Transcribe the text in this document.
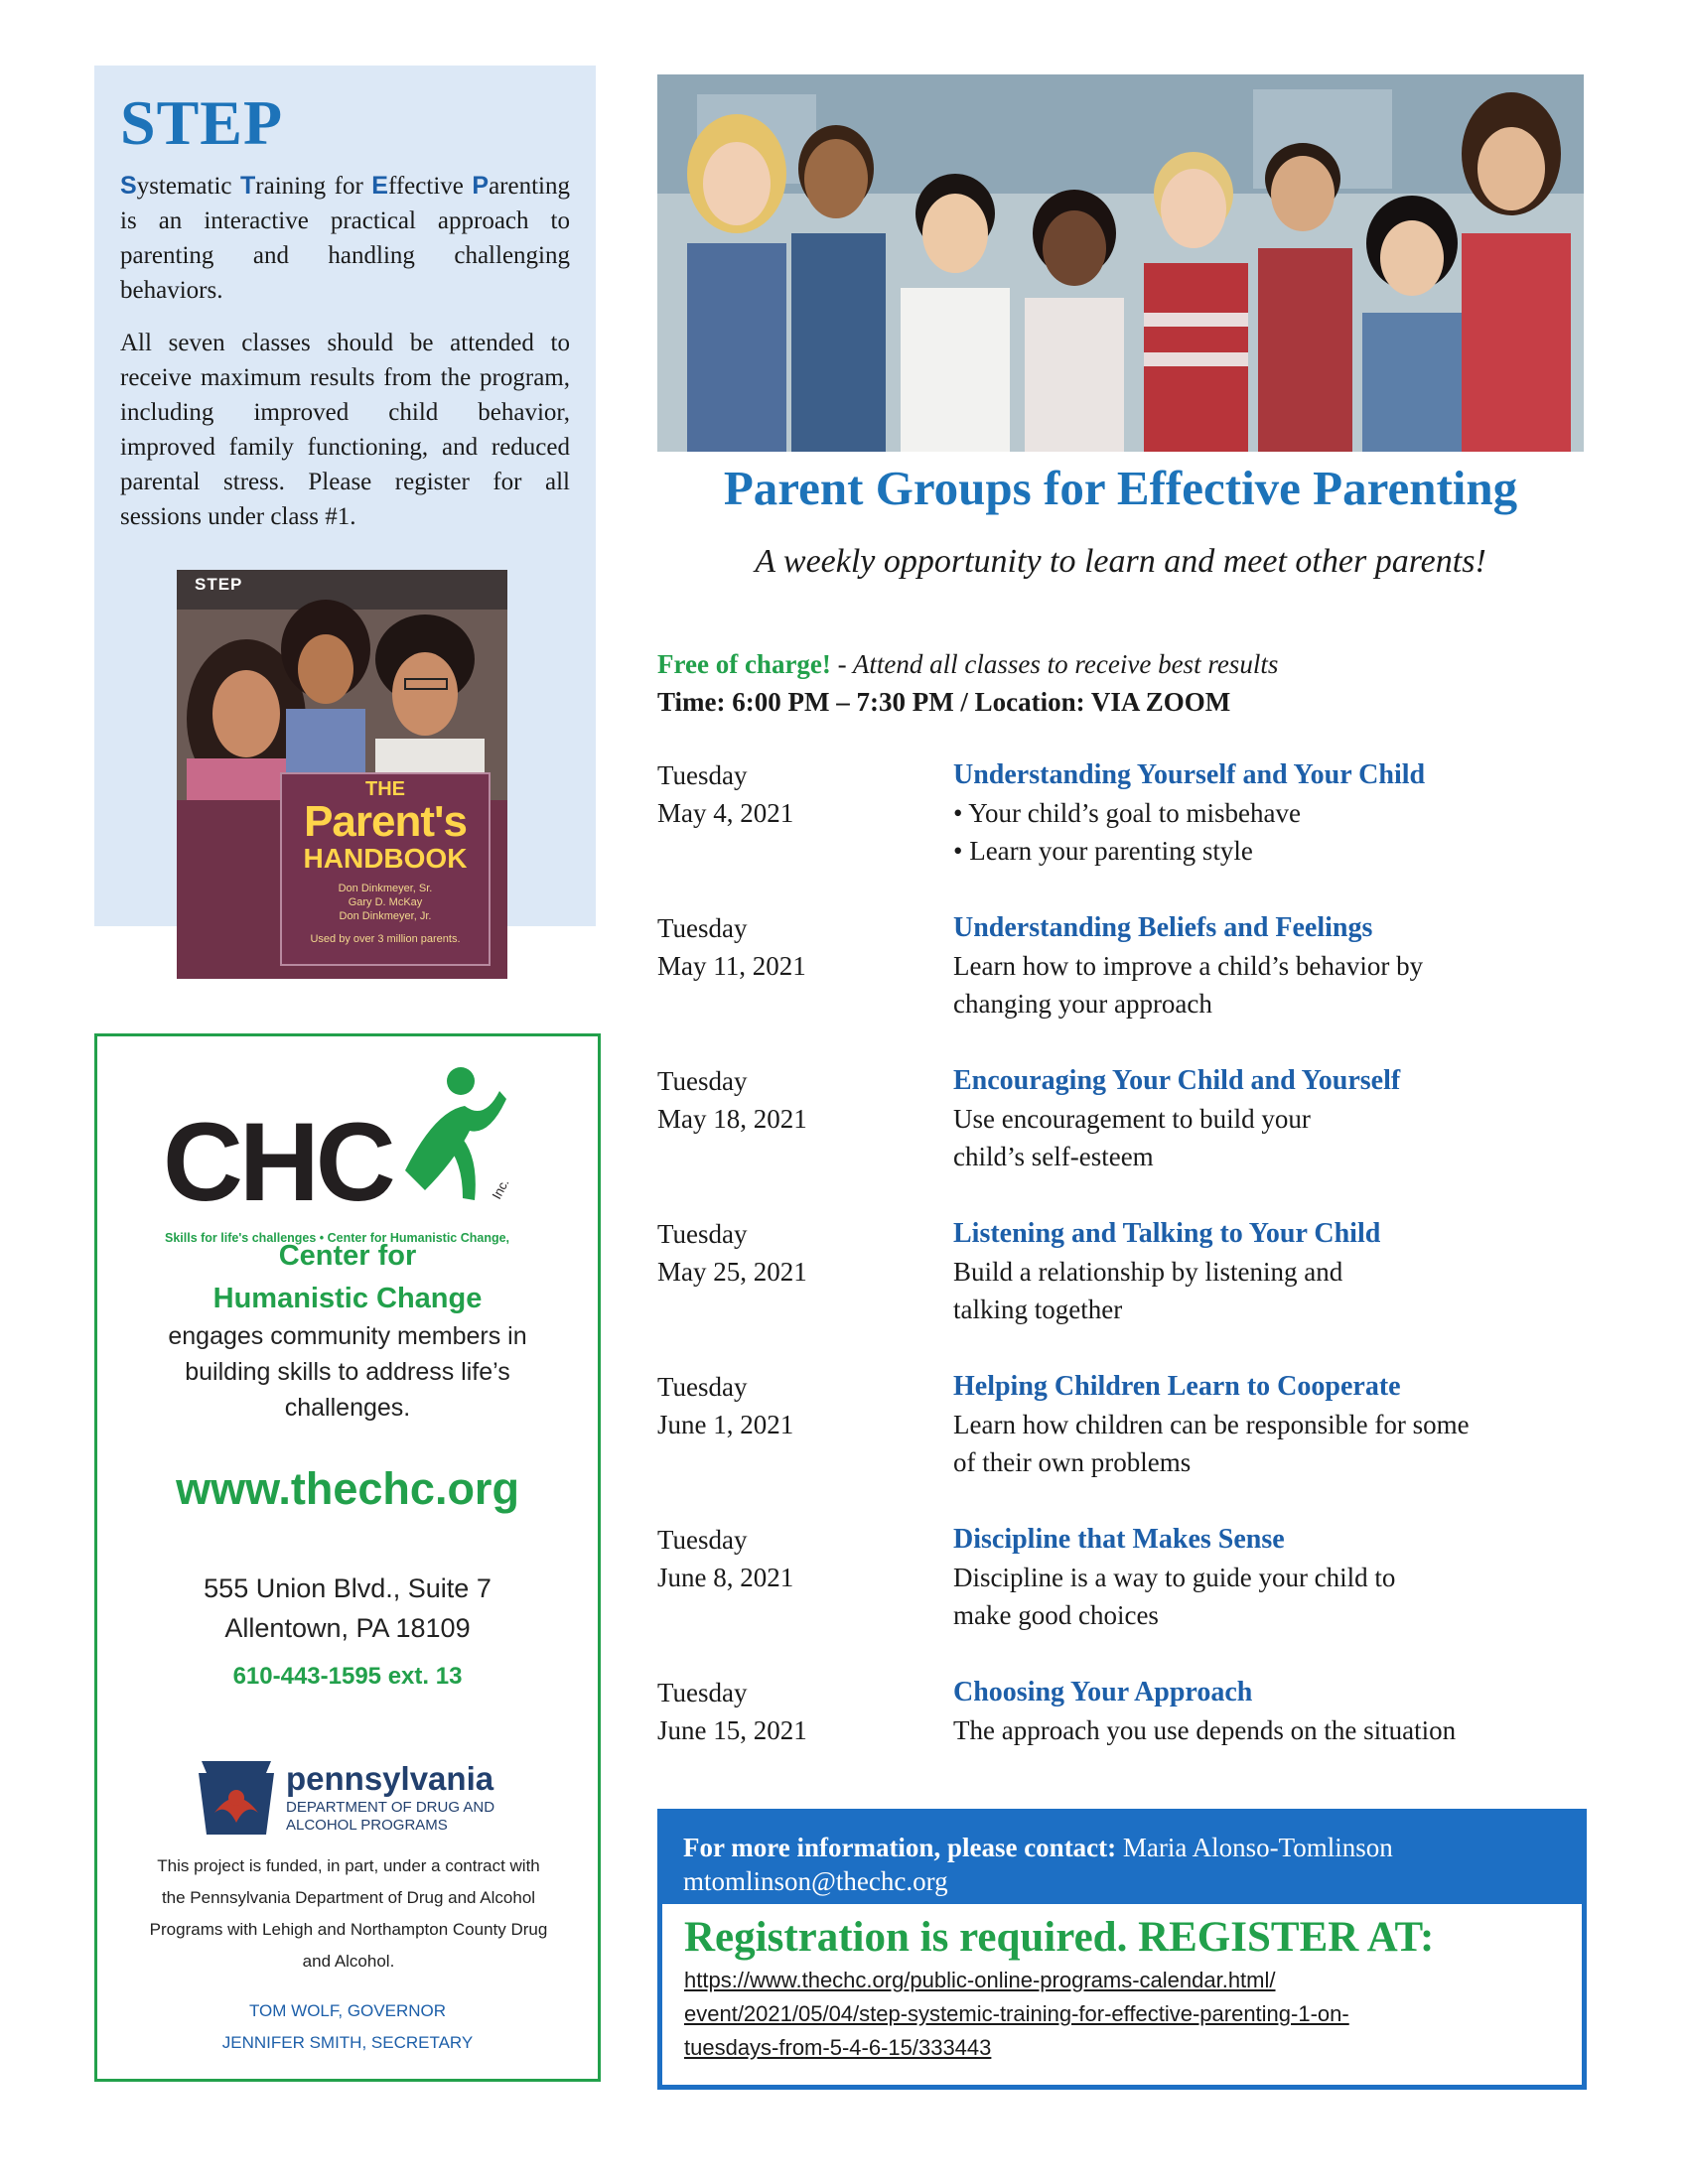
STEP

Systematic Training for Effective Parenting is an interactive practical approach to parenting and handling challenging behaviors.

All seven classes should be attended to receive maximum results from the program, including improved child behavior, improved family functioning, and reduced parental stress. Please register for all sessions under class #1.

STEP
THE
Parent's
HANDBOOK
Don Dinkmeyer, Sr.
Gary D. McKay
Don Dinkmeyer, Jr.
Used by over 3 million parents.
CHC	Inc.
Skills for life's challenges • Center for Humanistic Change,
Center for
Humanistic Change
engages community members in building skills to address life’s challenges.
www.thechc.org
555 Union Blvd., Suite 7
Allentown, PA 18109
610-443-1595 ext. 13
pennsylvania
DEPARTMENT OF DRUG AND ALCOHOL PROGRAMS
This project is funded, in part, under a contract with the Pennsylvania Department of Drug and Alcohol Programs with Lehigh and Northampton County Drug and Alcohol.
TOM WOLF, GOVERNOR
JENNIFER SMITH, SECRETARY
Parent Groups for Effective Parenting
A weekly opportunity to learn and meet other parents!
Free of charge! - Attend all classes to receive best results
Time: 6:00 PM – 7:30 PM / Location: VIA ZOOM
Tuesday
May 4, 2021
Understanding Yourself and Your Child
• Your child’s goal to misbehave
• Learn your parenting style
Tuesday
May 11, 2021
Understanding Beliefs and Feelings
Learn how to improve a child’s behavior by
changing your approach
Tuesday
May 18, 2021
Encouraging Your Child and Yourself
Use encouragement to build your
child’s self-esteem
Tuesday
May 25, 2021
Listening and Talking to Your Child
Build a relationship by listening and
talking together
Tuesday
June 1, 2021
Helping Children Learn to Cooperate
Learn how children can be responsible for some
of their own problems
Tuesday
June 8, 2021
Discipline that Makes Sense
Discipline is a way to guide your child to
make good choices
Tuesday
June 15, 2021
Choosing Your Approach
The approach you use depends on the situation
For more information, please contact: Maria Alonso-Tomlinson
mtomlinson@thechc.org
Registration is required. REGISTER AT:
https://www.thechc.org/public-online-programs-calendar.html/
event/2021/05/04/step-systemic-training-for-effective-parenting-1-on-
tuesdays-from-5-4-6-15/333443
